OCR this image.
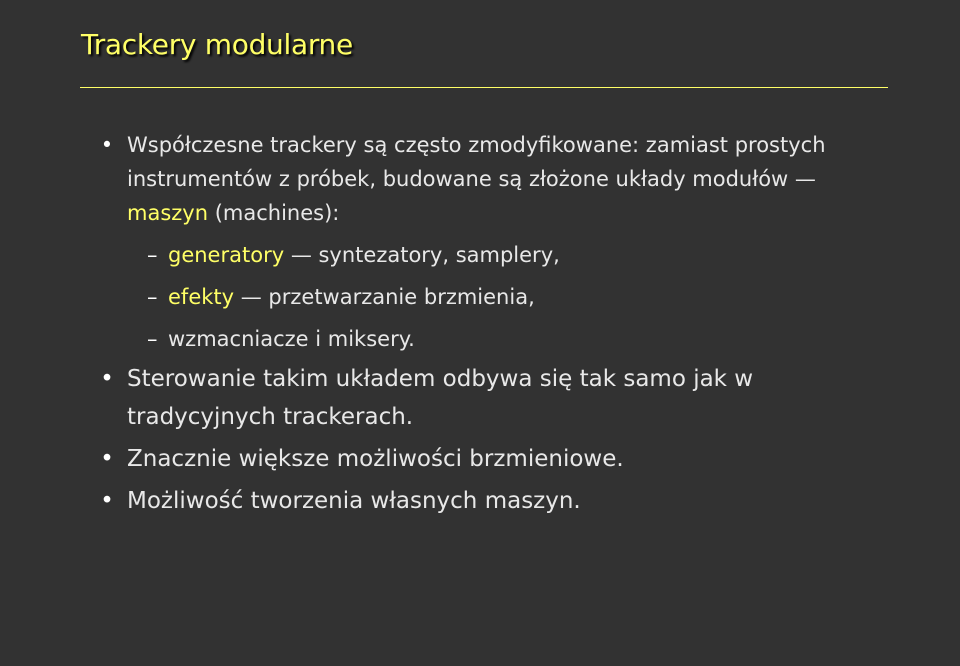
Trackery modularne
• Współczesne trackery są często zmodyfikowane: zamiast prostych instrumentów z próbek, budowane są złożone układy modułów — maszyn (machines):
– generatory — syntezatory, samplery,
– efekty — przetwarzanie brzmienia,
– wzmacniacze i miksery.
• Sterowanie takim układem odbywa się tak samo jak w tradycyjnych trackerach.
• Znacznie większe możliwości brzmieniowe.
• Możliwość tworzenia własnych maszyn.
